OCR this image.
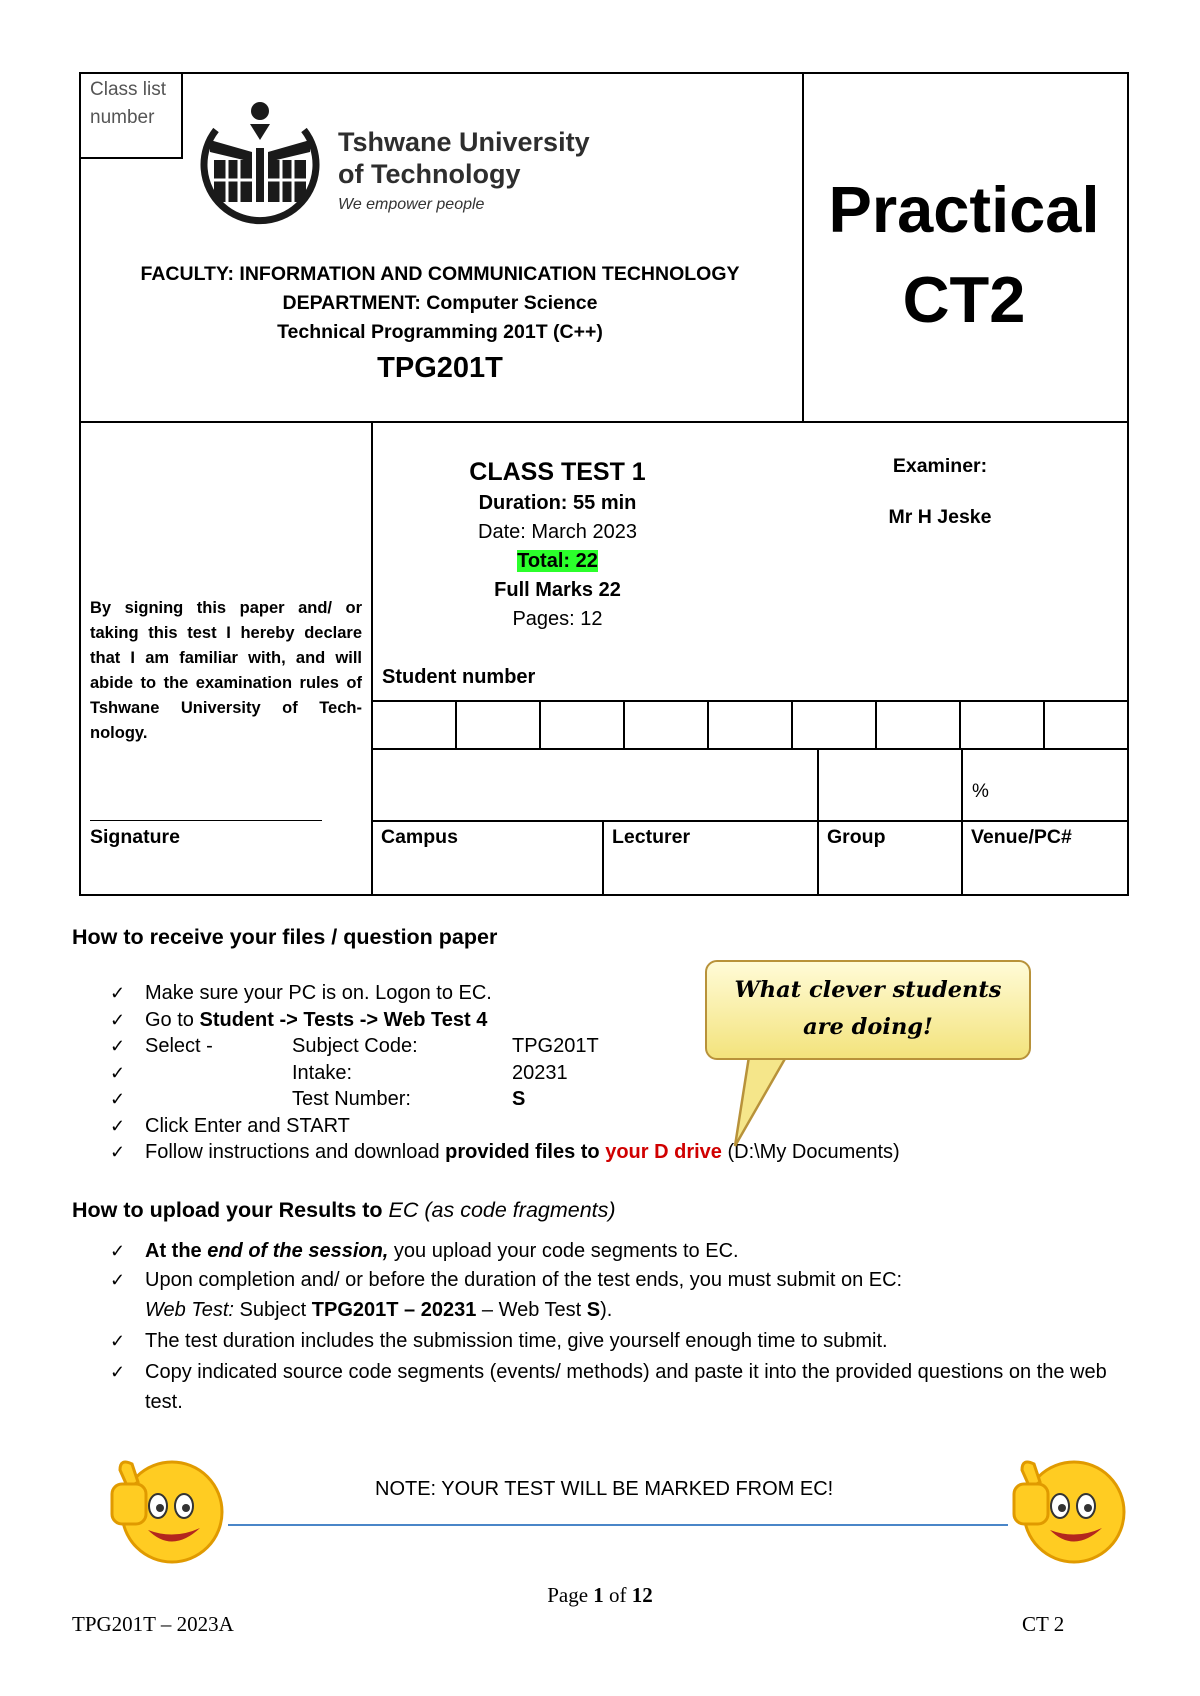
Class list number
Tshwane University
of Technology
We empower people
FACULTY: INFORMATION AND COMMUNICATION TECHNOLOGY
DEPARTMENT: Computer Science
Technical Programming 201T (C++)
TPG201T
Practical
CT2
By signing this paper and/ or taking this test I hereby declare that I am familiar with, and will abide to the examination rules of Tshwane University of Tech-nology.
Signature
CLASS TEST 1
Duration: 55 min
Date: March 2023
Total: 22
Full Marks 22
Pages: 12
Examiner:
Mr H Jeske
Student number
%
Campus	Lecturer	Group	Venue/PC#
How to receive your files / question paper
✓ Make sure your PC is on. Logon to EC.
✓ Go to Student -> Tests -> Web Test 4
✓ Select -	Subject Code:	TPG201T
✓	Intake:	20231
✓	Test Number:	S
✓ Click Enter and START
✓ Follow instructions and download provided files to your D drive (D:\My Documents)
What clever students
are doing!
How to upload your Results to EC (as code fragments)
✓ At the end of the session, you upload your code segments to EC.
✓ Upon completion and/ or before the duration of the test ends, you must submit on EC:
Web Test: Subject TPG201T – 20231 – Web Test S).
✓ The test duration includes the submission time, give yourself enough time to submit.
✓ Copy indicated source code segments (events/ methods) and paste it into the provided questions on the web test.
NOTE: YOUR TEST WILL BE MARKED FROM EC!
Page 1 of 12
TPG201T – 2023A	CT 2
